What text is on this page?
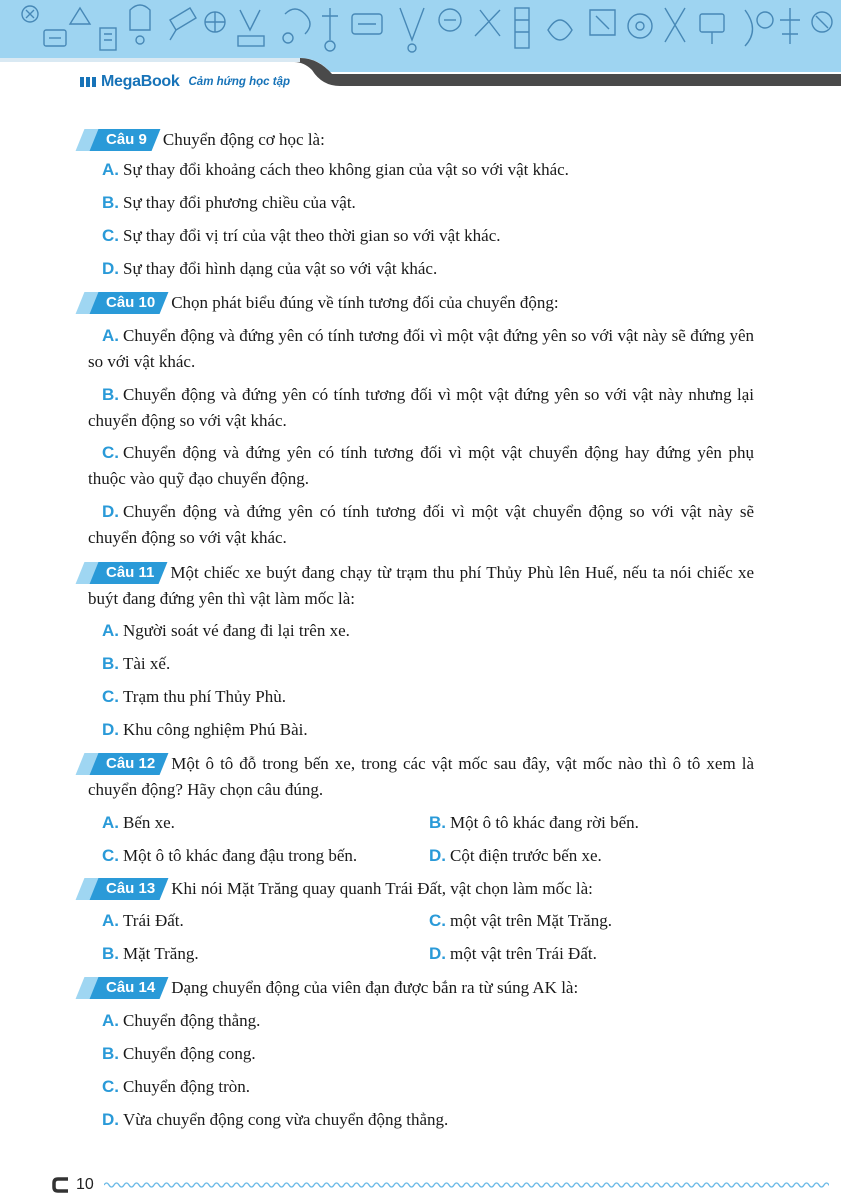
MegaBook Cảm hứng học tập
Câu 9 Chuyển động cơ học là:
A. Sự thay đổi khoảng cách theo không gian của vật so với vật khác.
B. Sự thay đổi phương chiều của vật.
C. Sự thay đổi vị trí của vật theo thời gian so với vật khác.
D. Sự thay đổi hình dạng của vật so với vật khác.
Câu 10 Chọn phát biểu đúng về tính tương đối của chuyển động:
A. Chuyển động và đứng yên có tính tương đối vì một vật đứng yên so với vật này sẽ đứng yên so với vật khác.
B. Chuyển động và đứng yên có tính tương đối vì một vật đứng yên so với vật này nhưng lại chuyển động so với vật khác.
C. Chuyển động và đứng yên có tính tương đối vì một vật chuyển động hay đứng yên phụ thuộc vào quỹ đạo chuyển động.
D. Chuyển động và đứng yên có tính tương đối vì một vật chuyển động so với vật này sẽ chuyển động so với vật khác.
Câu 11 Một chiếc xe buýt đang chạy từ trạm thu phí Thủy Phù lên Huế, nếu ta nói chiếc xe buýt đang đứng yên thì vật làm mốc là:
A. Người soát vé đang đi lại trên xe.
B. Tài xế.
C. Trạm thu phí Thủy Phù.
D. Khu công nghiệm Phú Bài.
Câu 12 Một ô tô đỗ trong bến xe, trong các vật mốc sau đây, vật mốc nào thì ô tô xem là chuyển động? Hãy chọn câu đúng.
A. Bến xe.	B. Một ô tô khác đang rời bến.
C. Một ô tô khác đang đậu trong bến.	D. Cột điện trước bến xe.
Câu 13 Khi nói Mặt Trăng quay quanh Trái Đất, vật chọn làm mốc là:
A. Trái Đất.	C. một vật trên Mặt Trăng.
B. Mặt Trăng.	D. một vật trên Trái Đất.
Câu 14 Dạng chuyển động của viên đạn được bắn ra từ súng AK là:
A. Chuyển động thẳng.
B. Chuyển động cong.
C. Chuyển động tròn.
D. Vừa chuyển động cong vừa chuyển động thẳng.
10
